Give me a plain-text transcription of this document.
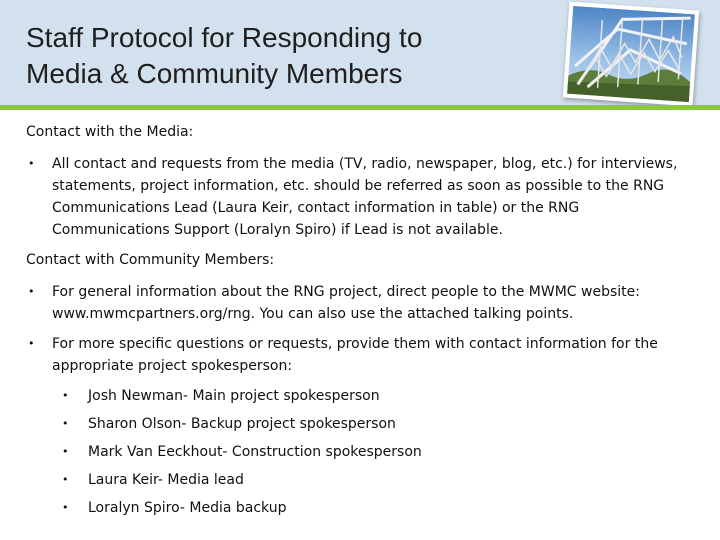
Staff Protocol for Responding to
Media & Community Members
Contact with the Media:
• All contact and requests from the media (TV, radio, newspaper, blog, etc.) for interviews, statements, project information, etc. should be referred as soon as possible to the RNG Communications Lead (Laura Keir, contact information in table) or the RNG Communications Support (Loralyn Spiro) if Lead is not available.
Contact with Community Members:
• For general information about the RNG project, direct people to the MWMC website: www.mwmcpartners.org/rng. You can also use the attached talking points.
• For more specific questions or requests, provide them with contact information for the appropriate project spokesperson:
• Josh Newman- Main project spokesperson
• Sharon Olson- Backup project spokesperson
• Mark Van Eeckhout- Construction spokesperson
• Laura Keir- Media lead
• Loralyn Spiro- Media backup
